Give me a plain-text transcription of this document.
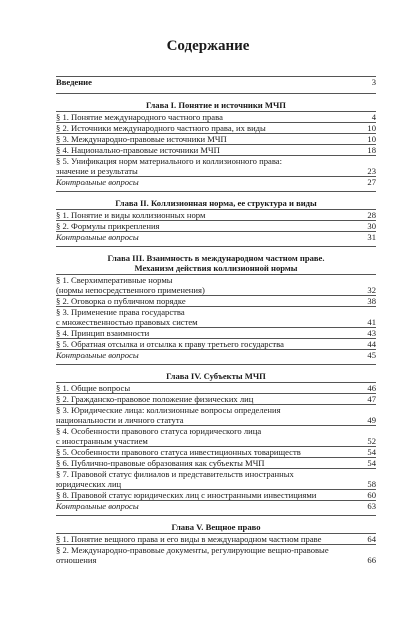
Содержание
Введение	3
Глава I. Понятие и источники МЧП
§ 1. Понятие международного частного права	4
§ 2. Источники международного частного права, их виды	10
§ 3. Международно-правовые источники МЧП	10
§ 4. Национально-правовые источники МЧП	18
§ 5. Унификация норм материального и коллизионного права:
значение и результаты	23
Контрольные вопросы	27
Глава II. Коллизионная норма, ее структура и виды
§ 1. Понятие и виды коллизионных норм	28
§ 2. Формулы прикрепления	30
Контрольные вопросы	31
Глава III. Взаимность в международном частном праве.
Механизм действия коллизионной нормы
§ 1. Сверхимперативные нормы
(нормы непосредственного применения)	32
§ 2. Оговорка о публичном порядке	38
§ 3. Применение права государства
с множественностью правовых систем	41
§ 4. Принцип взаимности	43
§ 5. Обратная отсылка и отсылка к праву третьего государства	44
Контрольные вопросы	45
Глава IV. Субъекты МЧП
§ 1. Общие вопросы	46
§ 2. Гражданско-правовое положение физических лиц	47
§ 3. Юридические лица: коллизионные вопросы определения
национальности и личного статута	49
§ 4. Особенности правового статуса юридического лица
с иностранным участием	52
§ 5. Особенности правового статуса инвестиционных товариществ	54
§ 6. Публично-правовые образования как субъекты МЧП	54
§ 7. Правовой статус филиалов и представительств иностранных
юридических лиц	58
§ 8. Правовой статус юридических лиц с иностранными инвестициями	60
Контрольные вопросы	63
Глава V. Вещное право
§ 1. Понятие вещного права и его виды в международном частном праве	64
§ 2. Международно-правовые документы, регулирующие вещно-правовые
отношения	66
